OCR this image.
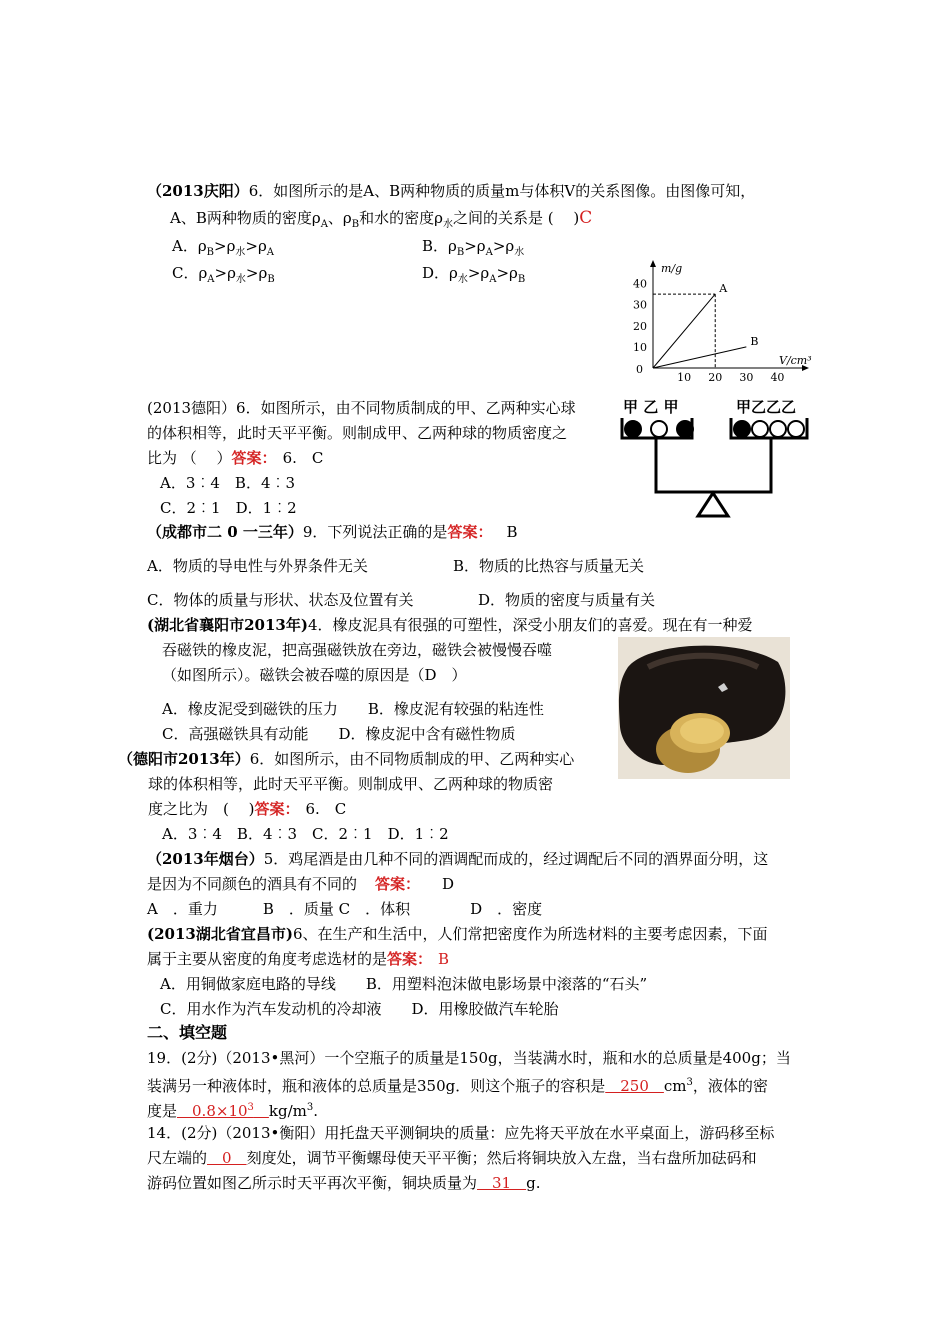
（2013庆阳）6．如图所示的是A、B两种物质的质量m与体积V的关系图像。由图像可知，
A、B两种物质的密度$\rho_A$、$\rho_B$和水的密度$\rho_水$之间的关系是 (　 )C
A．$\rho_B>\rho_水>\rho_A$	B．$\rho_B>\rho_A>\rho_水$
C．$\rho_A>\rho_水>\rho_B$	D．$\rho_水>\rho_A>\rho_B$
10 20 30 40
10
20
30
40
0
m/g
V/cm³
A
B
(2013德阳）6．如图所示，由不同物质制成的甲、乙两种实心球
的体积相等，此时天平平衡。则制成甲、乙两种球的物质密度之
比为 （　 ）答案： 6.　C
A．3︰4　B．4︰3
C．2︰1　D．1︰2
甲 乙 甲	甲乙乙乙
（成都市二 0 一三年）9．下列说法正确的是答案： B
A．物质的导电性与外界条件无关	B．物质的比热容与质量无关
C．物体的质量与形状、状态及位置有关	D．物质的密度与质量有关
(湖北省襄阳市2013年)4．橡皮泥具有很强的可塑性，深受小朋友们的喜爱。现在有一种爱
吞磁铁的橡皮泥，把高强磁铁放在旁边，磁铁会被慢慢吞噬
（如图所示）。磁铁会被吞噬的原因是（D　）
A．橡皮泥受到磁铁的压力　　B．橡皮泥有较强的粘连性
C．高强磁铁具有动能　　D．橡皮泥中含有磁性物质
（德阳市2013年）6．如图所示，由不同物质制成的甲、乙两种实心
球的体积相等，此时天平平衡。则制成甲、乙两种球的物质密
度之比为　(　 )答案： 6.　C
A．3︰4　B．4︰3　C．2︰1　D．1︰2
（2013年烟台）5．鸡尾酒是由几种不同的酒调配而成的，经过调配后不同的酒界面分明，这
是因为不同颜色的酒具有不同的 答案： D
A　．重力　　　B　．质量 C　．体积　　　　D　．密度
(2013湖北省宜昌市)6、在生产和生活中，人们常把密度作为所选材料的主要考虑因素，下面
属于主要从密度的角度考虑选材的是答案： B
A．用铜做家庭电路的导线　　B．用塑料泡沫做电影场景中滚落的“石头”
C．用水作为汽车发动机的冷却液　　D．用橡胶做汽车轮胎
二、填空题
19．(2分)（2013•黑河）一个空瓶子的质量是150g，当装满水时，瓶和水的总质量是400g；当
装满另一种液体时，瓶和液体的总质量是350g．则这个瓶子的容积是　250　$cm^3$，液体的密
度是　$0.8\times 10^3$　 $kg/m^3$.
14．(2分)（2013•衡阳）用托盘天平测铜块的质量：应先将天平放在水平桌面上，游码移至标
尺左端的　0　刻度处，调节平衡螺母使天平平衡；然后将铜块放入左盘，当右盘所加砝码和
游码位置如图乙所示时天平再次平衡，铜块质量为　31　g.
